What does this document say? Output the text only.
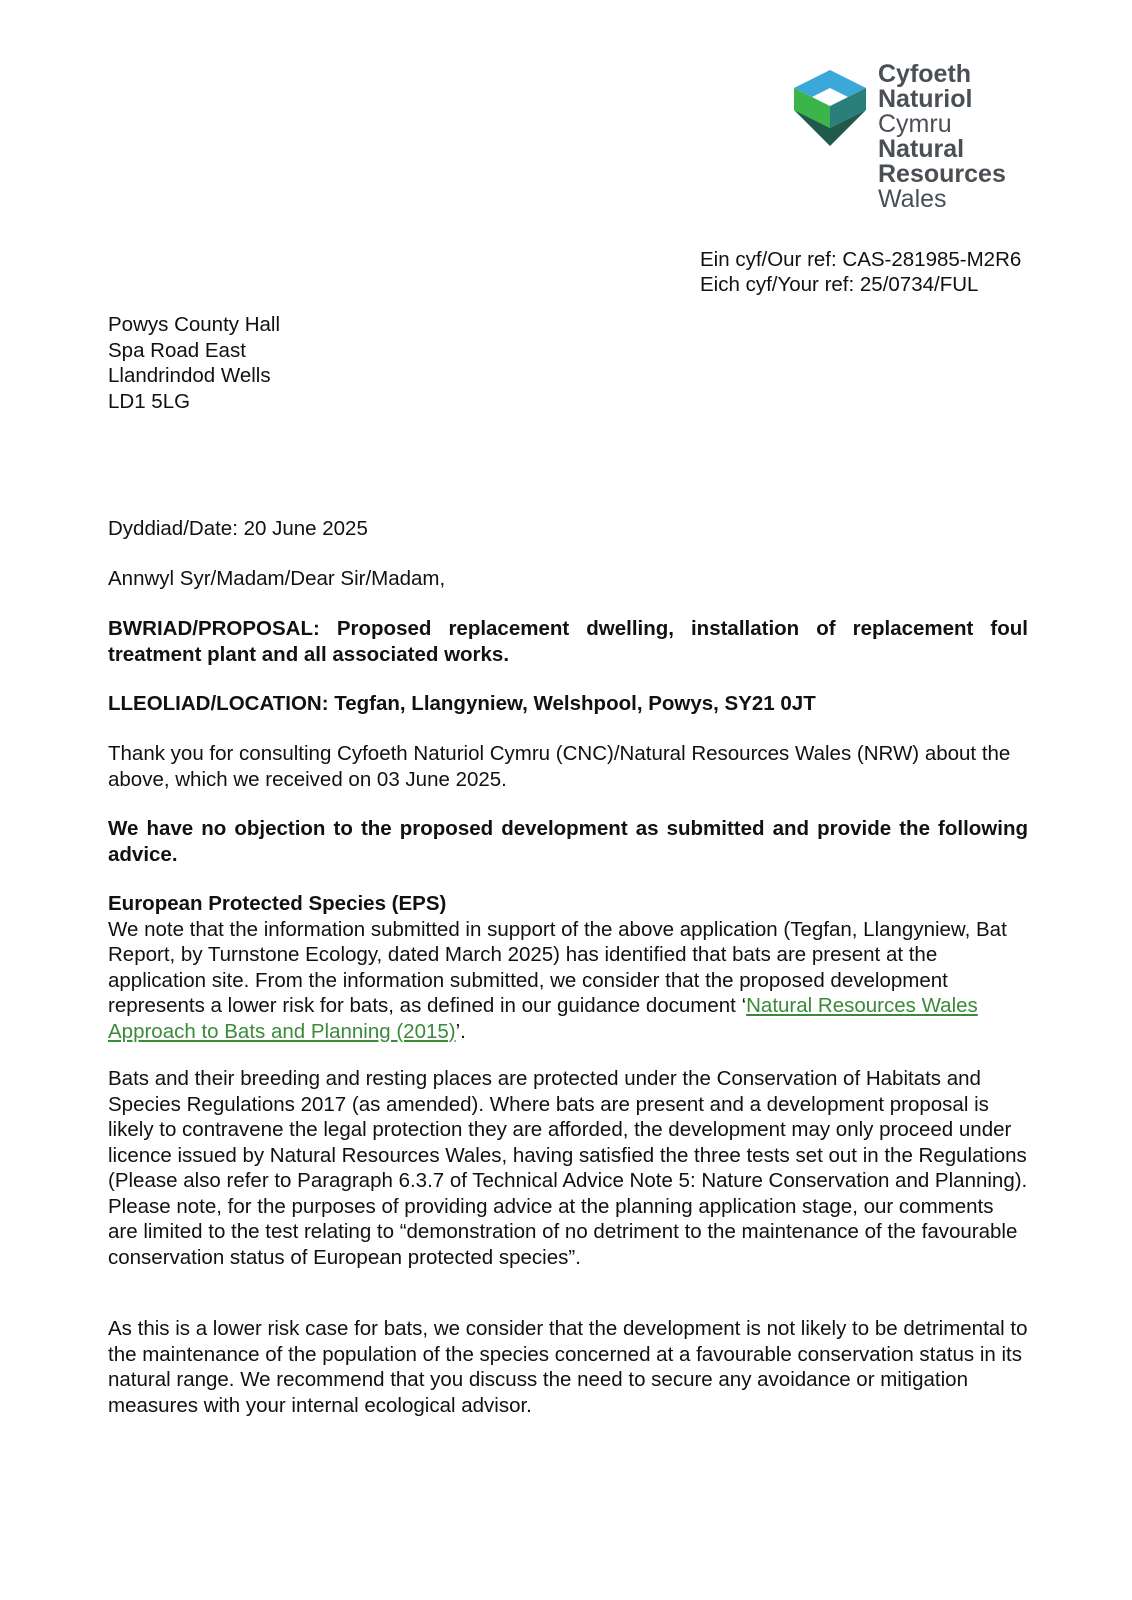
Cyfoeth
Naturiol
Cymru
Natural
Resources
Wales
Ein cyf/Our ref: CAS-281985-M2R6
Eich cyf/Your ref: 25/0734/FUL
Powys County Hall
Spa Road East
Llandrindod Wells
LD1 5LG

Dyddiad/Date: 20 June 2025

Annwyl Syr/Madam/Dear Sir/Madam,

BWRIAD/PROPOSAL: Proposed replacement dwelling, installation of replacement foul treatment plant and all associated works.

LLEOLIAD/LOCATION: Tegfan, Llangyniew, Welshpool, Powys, SY21 0JT

Thank you for consulting Cyfoeth Naturiol Cymru (CNC)/Natural Resources Wales (NRW) about the above, which we received on 03 June 2025.

We have no objection to the proposed development as submitted and provide the following advice.

European Protected Species (EPS)

We note that the information submitted in support of the above application (Tegfan, Llangyniew, Bat Report, by Turnstone Ecology, dated March 2025) has identified that bats are present at the application site. From the information submitted, we consider that the proposed development represents a lower risk for bats, as defined in our guidance document ‘Natural Resources Wales Approach to Bats and Planning (2015)’.

Bats and their breeding and resting places are protected under the Conservation of Habitats and Species Regulations 2017 (as amended). Where bats are present and a development proposal is likely to contravene the legal protection they are afforded, the development may only proceed under licence issued by Natural Resources Wales, having satisfied the three tests set out in the Regulations (Please also refer to Paragraph 6.3.7 of Technical Advice Note 5: Nature Conservation and Planning). Please note, for the purposes of providing advice at the planning application stage, our comments are limited to the test relating to “demonstration of no detriment to the maintenance of the favourable conservation status of European protected species”.

As this is a lower risk case for bats, we consider that the development is not likely to be detrimental to the maintenance of the population of the species concerned at a favourable conservation status in its natural range. We recommend that you discuss the need to secure any avoidance or mitigation measures with your internal ecological advisor.
